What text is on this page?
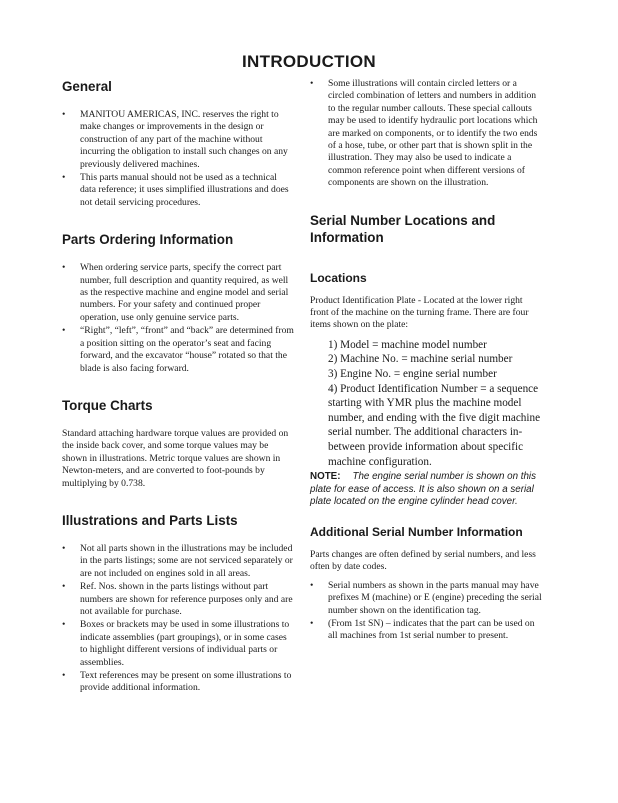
INTRODUCTION
General
• MANITOU AMERICAS, INC. reserves the right to make changes or improvements in the design or construction of any part of the machine without incurring the obligation to install such changes on any previously delivered machines.
• This parts manual should not be used as a technical data reference; it uses simplified illustrations and does not detail servicing procedures.
Parts Ordering Information
• When ordering service parts, specify the correct part number, full description and quantity required, as well as the respective machine and engine model and serial numbers. For your safety and continued proper operation, use only genuine service parts.
• “Right”, “left”, “front” and “back” are determined from a position sitting on the operator’s seat and facing forward, and the excavator “house” rotated so that the blade is also facing forward.
Torque Charts

Standard attaching hardware torque values are provided on the inside back cover, and some torque values may be shown in illustrations. Metric torque values are shown in Newton-meters, and are converted to foot-pounds by multiplying by 0.738.

Illustrations and Parts Lists
• Not all parts shown in the illustrations may be included in the parts listings; some are not serviced separately or are not included on engines sold in all areas.
• Ref. Nos. shown in the parts listings without part numbers are shown for reference purposes only and are not available for purchase.
• Boxes or brackets may be used in some illustrations to indicate assemblies (part groupings), or in some cases to highlight different versions of individual parts or assemblies.
• Text references may be present on some illustrations to provide additional information.
• Some illustrations will contain circled letters or a circled combination of letters and numbers in addition to the regular number callouts. These special callouts may be used to identify hydraulic port locations which are marked on components, or to identify the two ends of a hose, tube, or other part that is shown split in the illustration. They may also be used to indicate a common reference point when different versions of components are shown on the illustration.
Serial Number Locations and Information
Locations

Product Identification Plate - Located at the lower right front of the machine on the turning frame. There are four items shown on the plate:

1) Model = machine model number
2) Machine No. = machine serial number
3) Engine No. = engine serial number
4) Product Identification Number = a sequence starting with YMR plus the machine model number, and ending with the five digit machine serial number. The additional characters in-between provide information about specific machine configuration.

NOTE: The engine serial number is shown on this plate for ease of access. It is also shown on a serial plate located on the engine cylinder head cover.

Additional Serial Number Information

Parts changes are often defined by serial numbers, and less often by date codes.

• Serial numbers as shown in the parts manual may have prefixes M (machine) or E (engine) preceding the serial number shown on the identification tag.
• (From 1st SN) – indicates that the part can be used on all machines from 1st serial number to present.
